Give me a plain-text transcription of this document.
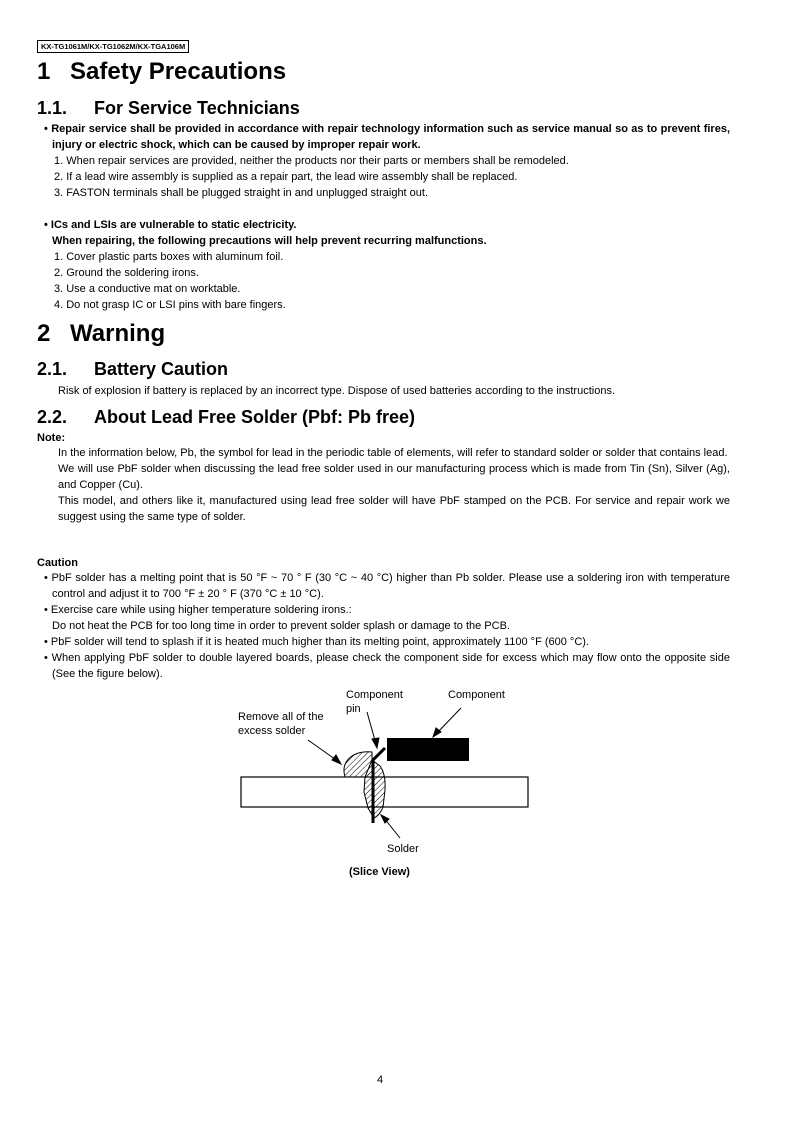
KX-TG1061M/KX-TG1062M/KX-TGA106M
1 Safety Precautions
1.1. For Service Technicians
• Repair service shall be provided in accordance with repair technology information such as service manual so as to prevent fires, injury or electric shock, which can be caused by improper repair work.
1. When repair services are provided, neither the products nor their parts or members shall be remodeled.
2. If a lead wire assembly is supplied as a repair part, the lead wire assembly shall be replaced.
3. FASTON terminals shall be plugged straight in and unplugged straight out.
• ICs and LSIs are vulnerable to static electricity.
When repairing, the following precautions will help prevent recurring malfunctions.
1. Cover plastic parts boxes with aluminum foil.
2. Ground the soldering irons.
3. Use a conductive mat on worktable.
4. Do not grasp IC or LSI pins with bare fingers.
2 Warning
2.1. Battery Caution
Risk of explosion if battery is replaced by an incorrect type. Dispose of used batteries according to the instructions.
2.2. About Lead Free Solder (Pbf: Pb free)
Note:
In the information below, Pb, the symbol for lead in the periodic table of elements, will refer to standard solder or solder that contains lead.
We will use PbF solder when discussing the lead free solder used in our manufacturing process which is made from Tin (Sn), Silver (Ag), and Copper (Cu).
This model, and others like it, manufactured using lead free solder will have PbF stamped on the PCB. For service and repair work we suggest using the same type of solder.
Caution
• PbF solder has a melting point that is 50 °F ~ 70 ° F (30 °C ~ 40 °C) higher than Pb solder. Please use a soldering iron with temperature control and adjust it to 700 °F ± 20 ° F (370 °C ± 10 °C).
• Exercise care while using higher temperature soldering irons.:
Do not heat the PCB for too long time in order to prevent solder splash or damage to the PCB.
• PbF solder will tend to splash if it is heated much higher than its melting point, approximately 1100 °F (600 °C).
• When applying PbF solder to double layered boards, please check the component side for excess which may flow onto the opposite side (See the figure below).
Component
pin
Component
Remove all of the
excess solder
Solder
(Slice View)
4
